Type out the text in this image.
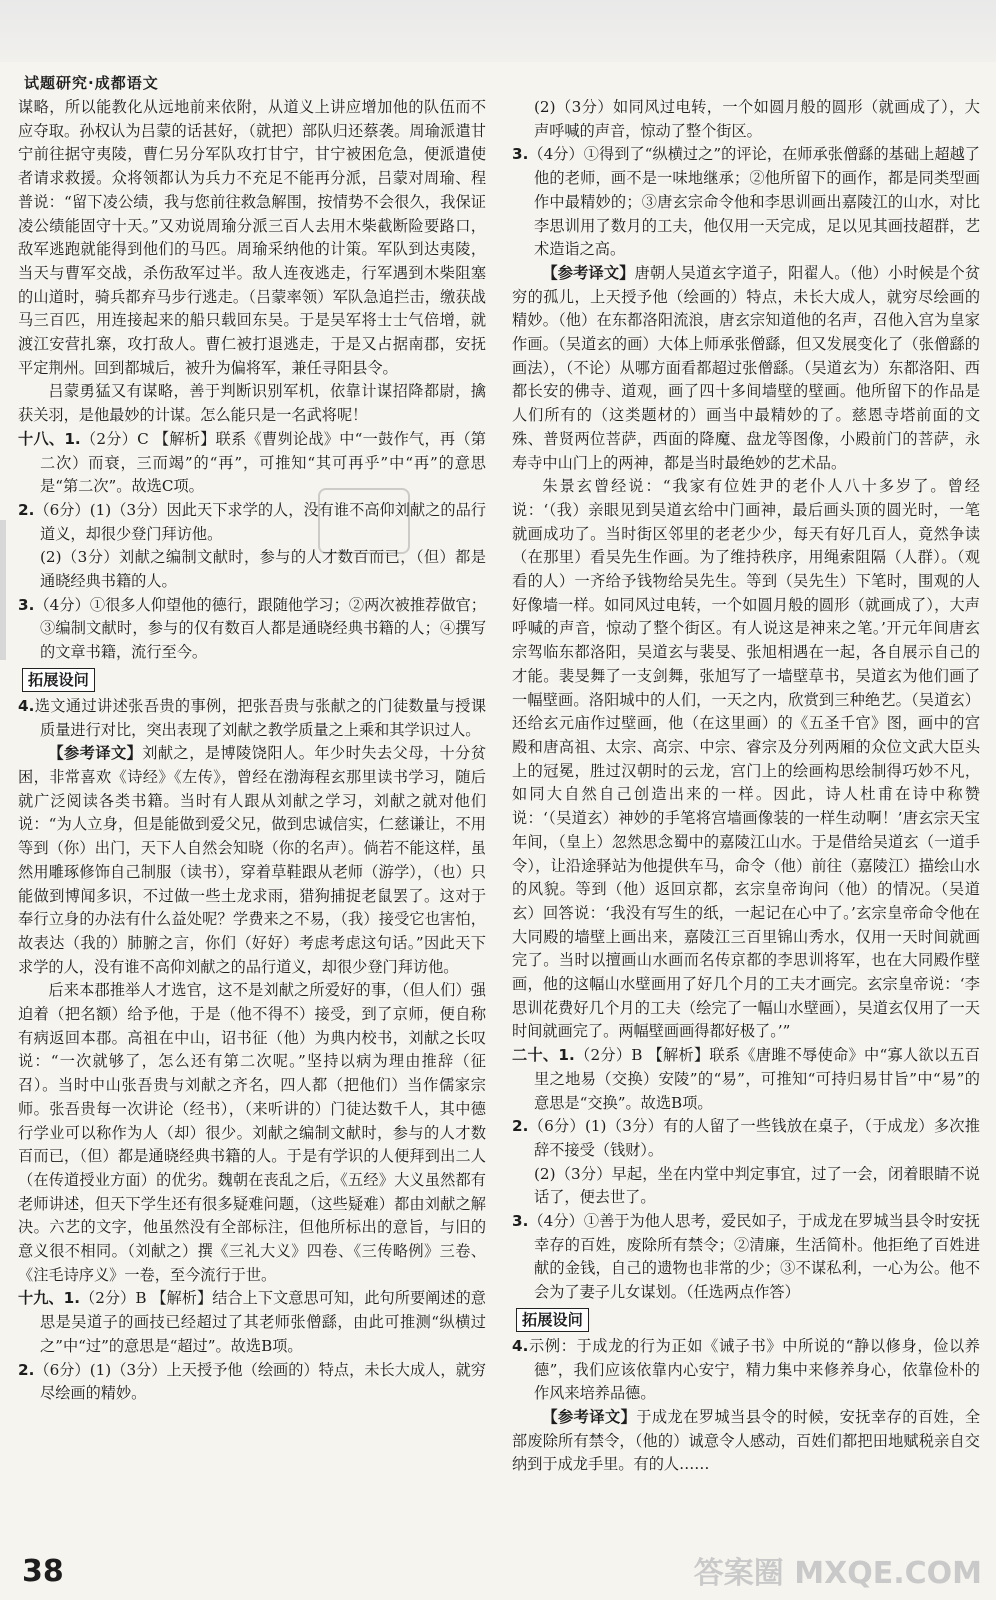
试题研究·成都语文

谋略，所以能教化从远地前来依附，从道义上讲应增加他的队伍而不应夺取。孙权认为吕蒙的话甚好，（就把）部队归还蔡袭。周瑜派遣甘宁前往据守夷陵，曹仁另分军队攻打甘宁，甘宁被困危急，便派遣使者请求救援。众将领都认为兵力不充足不能再分派，吕蒙对周瑜、程普说：“留下凌公绩，我与您前往救急解围，按情势不会很久，我保证凌公绩能固守十天。”又劝说周瑜分派三百人去用木柴截断险要路口，敌军逃跑就能得到他们的马匹。周瑜采纳他的计策。军队到达夷陵，当天与曹军交战，杀伤敌军过半。敌人连夜逃走，行军遇到木柴阻塞的山道时，骑兵都弃马步行逃走。（吕蒙率领）军队急追拦击，缴获战马三百匹，用连接起来的船只载回东吴。于是吴军将士士气倍增，就渡江安营扎寨，攻打敌人。曹仁被打退逃走，于是又占据南郡，安抚平定荆州。回到都城后，被升为偏将军，兼任寻阳县令。

吕蒙勇猛又有谋略，善于判断识别军机，依靠计谋招降都尉，擒获关羽，是他最妙的计谋。怎么能只是一名武将呢！

十八、1.（2分）C 【解析】联系《曹刿论战》中“一鼓作气，再（第二次）而衰，三而竭”的“再”，可推知“其可再乎”中“再”的意思是“第二次”。故选C项。

2.（6分）(1)（3分）因此天下求学的人，没有谁不高仰刘献之的品行道义，却很少登门拜访他。

(2)（3分）刘献之编制文献时，参与的人才数百而已，（但）都是通晓经典书籍的人。

3.（4分）①很多人仰望他的德行，跟随他学习；②两次被推荐做官；③编制文献时，参与的仅有数百人都是通晓经典书籍的人；④撰写的文章书籍，流行至今。

拓展设问

4.选文通过讲述张吾贵的事例，把张吾贵与张献之的门徒数量与授课质量进行对比，突出表现了刘献之教学质量之上乘和其学识过人。

【参考译文】刘献之，是博陵饶阳人。年少时失去父母，十分贫困，非常喜欢《诗经》《左传》，曾经在渤海程玄那里读书学习，随后就广泛阅读各类书籍。当时有人跟从刘献之学习，刘献之就对他们说：“为人立身，但是能做到爱父兄，做到忠诚信实，仁慈谦让，不用等到（你）出门，天下人自然会知晓（你的名声）。倘若不能这样，虽然用雕琢修饰自己制服（读书），穿着草鞋跟从老师（游学），（也）只能做到博闻多识，不过做一些土龙求雨，猎狗捕捉老鼠罢了。这对于奉行立身的办法有什么益处呢？学费来之不易，（我）接受它也害怕，故表达（我的）肺腑之言，你们（好好）考虑考虑这句话。”因此天下求学的人，没有谁不高仰刘献之的品行道义，却很少登门拜访他。

后来本郡推举人才选官，这不是刘献之所爱好的事，（但人们）强迫着（把名额）给予他，于是（他不得不）接受，到了京师，便自称有病返回本郡。高祖在中山，诏书征（他）为典内校书，刘献之长叹说：“一次就够了，怎么还有第二次呢。”坚持以病为理由推辞（征召）。当时中山张吾贵与刘献之齐名，四人都（把他们）当作儒家宗师。张吾贵每一次讲论（经书），（来听讲的）门徒达数千人，其中德行学业可以称作为人（却）很少。刘献之编制文献时，参与的人才数百而已，（但）都是通晓经典书籍的人。于是有学识的人便拜到出二人（在传道授业方面）的优劣。魏朝在丧乱之后，《五经》大义虽然都有老师讲述，但天下学生还有很多疑难问题，（这些疑难）都由刘献之解决。六艺的文字，他虽然没有全部标注，但他所标出的意旨，与旧的意义很不相同。（刘献之）撰《三礼大义》四卷、《三传略例》三卷、《注毛诗序义》一卷，至今流行于世。

十九、1.（2分）B 【解析】结合上下文意思可知，此句所要阐述的意思是吴道子的画技已经超过了其老师张僧繇，由此可推测“纵横过之”中“过”的意思是“超过”。故选B项。

2.（6分）(1)（3分）上天授予他（绘画的）特点，未长大成人，就穷尽绘画的精妙。

(2)（3分）如同风过电转，一个如圆月般的圆形（就画成了），大声呼喊的声音，惊动了整个街区。

3.（4分）①得到了“纵横过之”的评论，在师承张僧繇的基础上超越了他的老师，画不是一味地继承；②他所留下的画作，都是同类型画作中最精妙的；③唐玄宗命令他和李思训画出嘉陵江的山水，对比李思训用了数月的工夫，他仅用一天完成，足以见其画技超群，艺术造诣之高。

【参考译文】唐朝人吴道玄字道子，阳翟人。（他）小时候是个贫穷的孤儿，上天授予他（绘画的）特点，未长大成人，就穷尽绘画的精妙。（他）在东都洛阳流浪，唐玄宗知道他的名声，召他入宫为皇家作画。（吴道玄的画）大体上师承张僧繇，但又发展变化了（张僧繇的画法），（不论）从哪方面看都超过张僧繇。（吴道玄为）东都洛阳、西都长安的佛寺、道观，画了四十多间墙壁的壁画。他所留下的作品是人们所有的（这类题材的）画当中最精妙的了。慈恩寺塔前面的文殊、普贤两位菩萨，西面的降魔、盘龙等图像，小殿前门的菩萨，永寿寺中山门上的两神，都是当时最绝妙的艺术品。

朱景玄曾经说：“我家有位姓尹的老仆人八十多岁了。曾经说：‘（我）亲眼见到吴道玄给中门画神，最后画头顶的圆光时，一笔就画成功了。当时街区邻里的老老少少，每天有好几百人，竟然争读（在那里）看吴先生作画。为了维持秩序，用绳索阻隔（人群）。（观看的人）一齐给予钱物给吴先生。等到（吴先生）下笔时，围观的人好像墙一样。如同风过电转，一个如圆月般的圆形（就画成了），大声呼喊的声音，惊动了整个街区。有人说这是神来之笔。’开元年间唐玄宗驾临东都洛阳，吴道玄与裴旻、张旭相遇在一起，各自展示自己的才能。裴旻舞了一支剑舞，张旭写了一墙壁草书，吴道玄为他们画了一幅壁画。洛阳城中的人们，一天之内，欣赏到三种绝艺。（吴道玄）还给玄元庙作过壁画，他（在这里画）的《五圣千官》图，画中的宫殿和唐高祖、太宗、高宗、中宗、睿宗及分列两厢的众位文武大臣头上的冠冕，胜过汉朝时的云龙，宫门上的绘画构思绘制得巧妙不凡，如同大自然自己创造出来的一样。因此，诗人杜甫在诗中称赞说：‘（吴道玄）神妙的手笔将宫墙画像装的一样生动啊！’唐玄宗天宝年间，（皇上）忽然思念蜀中的嘉陵江山水。于是借给吴道玄（一道手令），让沿途驿站为他提供车马，命令（他）前往（嘉陵江）描绘山水的风貌。等到（他）返回京都，玄宗皇帝询问（他）的情况。（吴道玄）回答说：‘我没有写生的纸，一起记在心中了。’玄宗皇帝命令他在大同殿的墙壁上画出来，嘉陵江三百里锦山秀水，仅用一天时间就画完了。当时以擅画山水画而名传京都的李思训将军，也在大同殿作壁画，他的这幅山水壁画用了好几个月的工夫才画完。玄宗皇帝说：‘李思训花费好几个月的工夫（绘完了一幅山水壁画），吴道玄仅用了一天时间就画完了。两幅壁画画得都好极了。’”

二十、1.（2分）B 【解析】联系《唐雎不辱使命》中“寡人欲以五百里之地易（交换）安陵”的“易”，可推知“可持归易甘旨”中“易”的意思是“交换”。故选B项。

2.（6分）(1)（3分）有的人留了一些钱放在桌子，（于成龙）多次推辞不接受（钱财）。

(2)（3分）早起，坐在内堂中判定事宜，过了一会，闭着眼睛不说话了，便去世了。

3.（4分）①善于为他人思考，爱民如子，于成龙在罗城当县令时安抚幸存的百姓，废除所有禁令；②清廉，生活简朴。他拒绝了百姓进献的金钱，自己的遗物也非常的少；③不谋私利，一心为公。他不会为了妻子儿女谋划。（任选两点作答）

拓展设问

4.示例：于成龙的行为正如《诫子书》中所说的“静以修身，俭以养德”，我们应该依靠内心安宁，精力集中来修养身心，依靠俭朴的作风来培养品德。

【参考译文】于成龙在罗城当县令的时候，安抚幸存的百姓，全部废除所有禁令，（他的）诚意令人感动，百姓们都把田地赋税亲自交纳到于成龙手里。有的人……

38	答案圈 MXQE.COM
